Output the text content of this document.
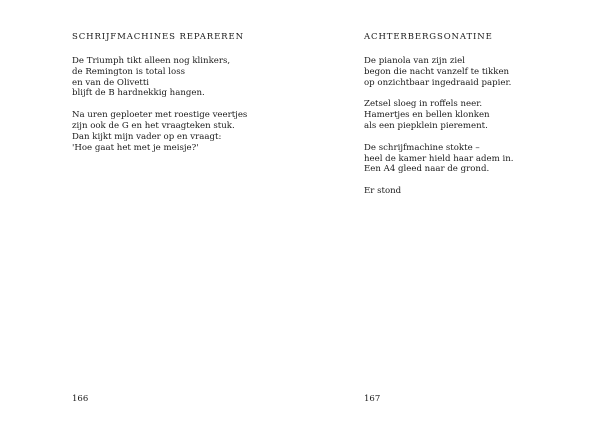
SCHRIJFMACHINES REPAREREN

De Triumph tikt alleen nog klinkers,
de Remington is total loss
en van de Olivetti
blijft de B hardnekkig hangen.

Na uren geploeter met roestige veertjes
zijn ook de G en het vraagteken stuk.
Dan kijkt mijn vader op en vraagt:
'Hoe gaat het met je meisje?'

166
ACHTERBERGSONATINE

De pianola van zijn ziel
begon die nacht vanzelf te tikken
op onzichtbaar ingedraaid papier.

Zetsel sloeg in roffels neer.
Hamertjes en bellen klonken
als een piepklein pierement.

De schrijfmachine stokte –
heel de kamer hield haar adem in.
Een A4 gleed naar de grond.

Er stond

167
